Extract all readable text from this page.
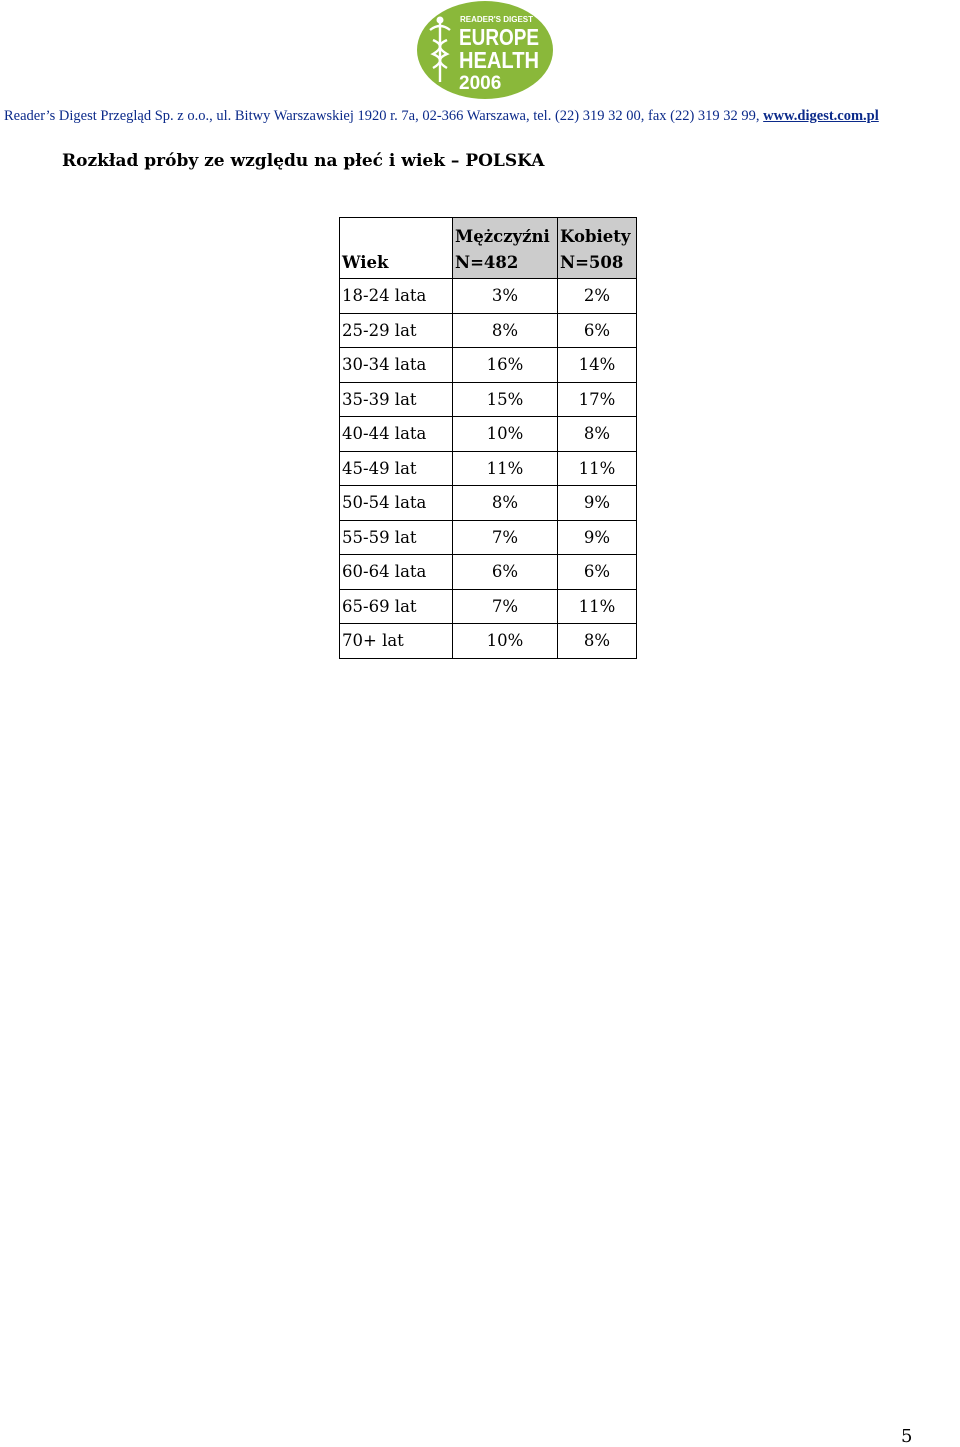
READER'S DIGEST
EUROPE
HEALTH
2006
Reader’s Digest Przegląd Sp. z o.o., ul. Bitwy Warszawskiej 1920 r. 7a, 02-366 Warszawa, tel. (22) 319 32 00, fax (22) 319 32 99, www.digest.com.pl
Rozkład próby ze względu na płeć i wiek – POLSKA
	Mężczyźni	Kobiety
Wiek	N=482	N=508
18-24 lata	3%	2%
25-29 lat	8%	6%
30-34 lata	16%	14%
35-39 lat	15%	17%
40-44 lata	10%	8%
45-49 lat	11%	11%
50-54 lata	8%	9%
55-59 lat	7%	9%
60-64 lata	6%	6%
65-69 lat	7%	11%
70+ lat	10%	8%
5
